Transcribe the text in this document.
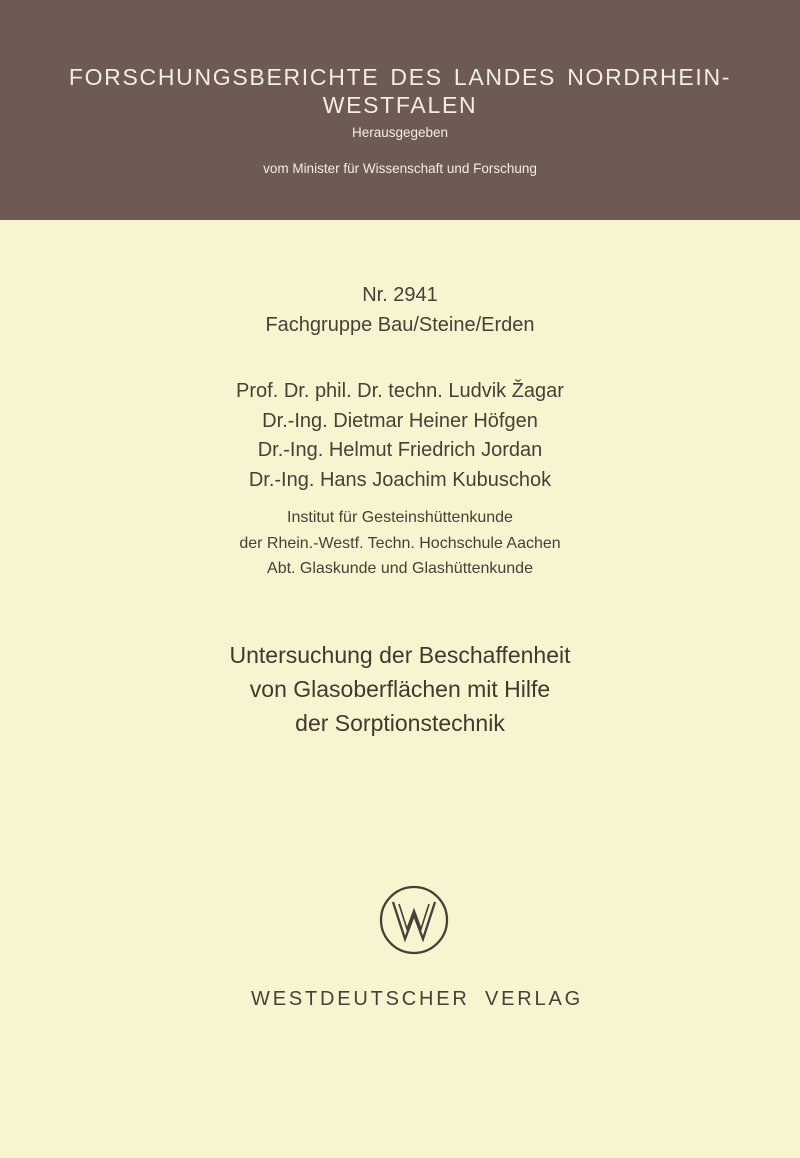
FORSCHUNGSBERICHTE DES LANDES NORDRHEIN-WESTFALEN
Herausgegeben
vom Minister für Wissenschaft und Forschung
Nr. 2941
Fachgruppe Bau/Steine/Erden
Prof. Dr. phil. Dr. techn. Ludvik Žagar
Dr.-Ing. Dietmar Heiner Höfgen
Dr.-Ing. Helmut Friedrich Jordan
Dr.-Ing. Hans Joachim Kubuschok
Institut für Gesteinshüttenkunde
der Rhein.-Westf. Techn. Hochschule Aachen
Abt. Glaskunde und Glashüttenkunde
Untersuchung der Beschaffenheit
von Glasoberflächen mit Hilfe
der Sorptionstechnik
WESTDEUTSCHER VERLAG
